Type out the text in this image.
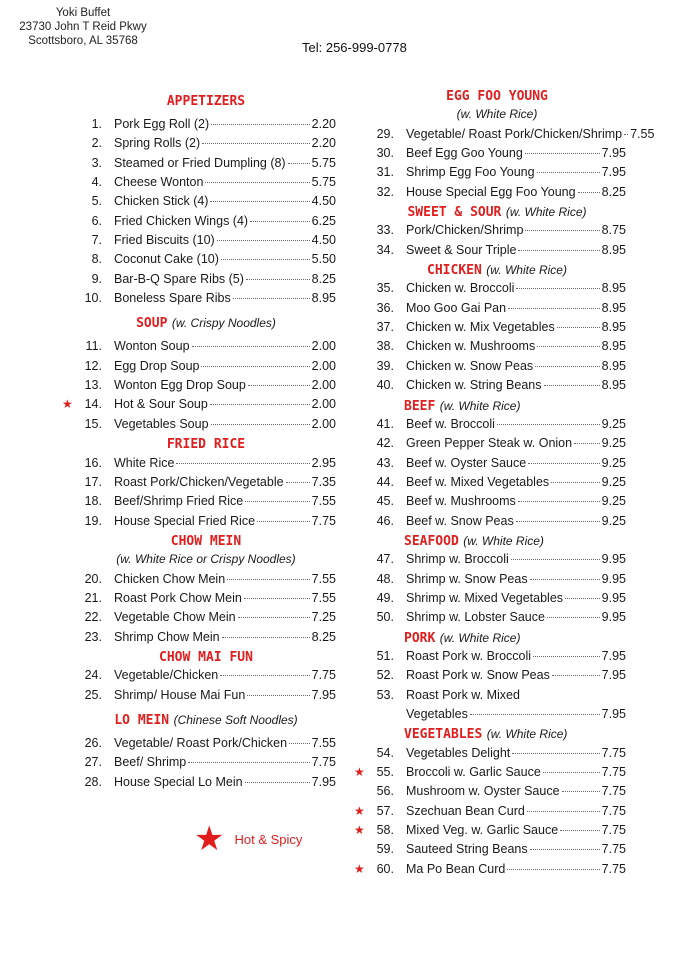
Yoki Buffet
23730 John T Reid Pkwy
Scottsboro, AL 35768	Tel: 256-999-0778
APPETIZERS
1. Pork Egg Roll (2)	2.20
2. Spring Rolls (2)	2.20
3. Steamed or Fried Dumpling (8) 5.75
4. Cheese Wonton	5.75
5. Chicken Stick (4)	4.50
6. Fried Chicken Wings (4)	6.25
7. Fried Biscuits (10)	4.50
8. Coconut Cake (10)	5.50
9. Bar-B-Q Spare Ribs (5)	8.25
10. Boneless Spare Ribs	8.95
SOUP (w. Crispy Noodles)
11. Wonton Soup	2.00
12. Egg Drop Soup	2.00
13. Wonton Egg Drop Soup	2.00
★ 14. Hot & Sour Soup	2.00
15. Vegetables Soup	2.00
FRIED RICE
16. White Rice	2.95
17. Roast Pork/Chicken/Vegetable 7.35
18. Beef/Shrimp Fried Rice	7.55
19. House Special Fried Rice	7.75
CHOW MEIN
(w. White Rice or Crispy Noodles)
20. Chicken Chow Mein	7.55
21. Roast Pork Chow Mein	7.55
22. Vegetable Chow Mein	7.25
23. Shrimp Chow Mein	8.25
CHOW MAI FUN
24. Vegetable/Chicken	7.75
25. Shrimp/ House Mai Fun	7.95
LO MEIN (Chinese Soft Noodles)
26. Vegetable/ Roast Pork/Chicken 7.55
27. Beef/ Shrimp	7.75
28. House Special Lo Mein	7.95
EGG FOO YOUNG
(w. White Rice)
29. Vegetable/ Roast Pork/Chicken/Shrimp 7.55
30. Beef Egg Goo Young	7.95
31. Shrimp Egg Foo Young	7.95
32. House Special Egg Foo Young 8.25
SWEET & SOUR (w. White Rice)
33. Pork/Chicken/Shrimp	8.75
34. Sweet & Sour Triple	8.95
CHICKEN (w. White Rice)
35. Chicken w. Broccoli	8.95
36. Moo Goo Gai Pan	8.95
37. Chicken w. Mix Vegetables	8.95
38. Chicken w. Mushrooms	8.95
39. Chicken w. Snow Peas	8.95
40. Chicken w. String Beans	8.95
BEEF (w. White Rice)
41. Beef w. Broccoli	9.25
42. Green Pepper Steak w. Onion 9.25
43. Beef w. Oyster Sauce	9.25
44. Beef w. Mixed Vegetables	9.25
45. Beef w. Mushrooms	9.25
46. Beef w. Snow Peas	9.25
SEAFOOD (w. White Rice)
47. Shrimp w. Broccoli	9.95
48. Shrimp w. Snow Peas	9.95
49. Shrimp w. Mixed Vegetables	9.95
50. Shrimp w. Lobster Sauce	9.95
PORK (w. White Rice)
51. Roast Pork w. Broccoli	7.95
52. Roast Pork w. Snow Peas	7.95
53. Roast Pork w. Mixed
Vegetables	7.95
VEGETABLES (w. White Rice)
54. Vegetables Delight	7.75
★ 55. Broccoli w. Garlic Sauce	7.75
56. Mushroom w. Oyster Sauce	7.75
★ 57. Szechuan Bean Curd	7.75
★ 58. Mixed Veg. w. Garlic Sauce	7.75
59. Sauteed String Beans	7.75
★ 60. Ma Po Bean Curd	7.75
★ Hot & Spicy
